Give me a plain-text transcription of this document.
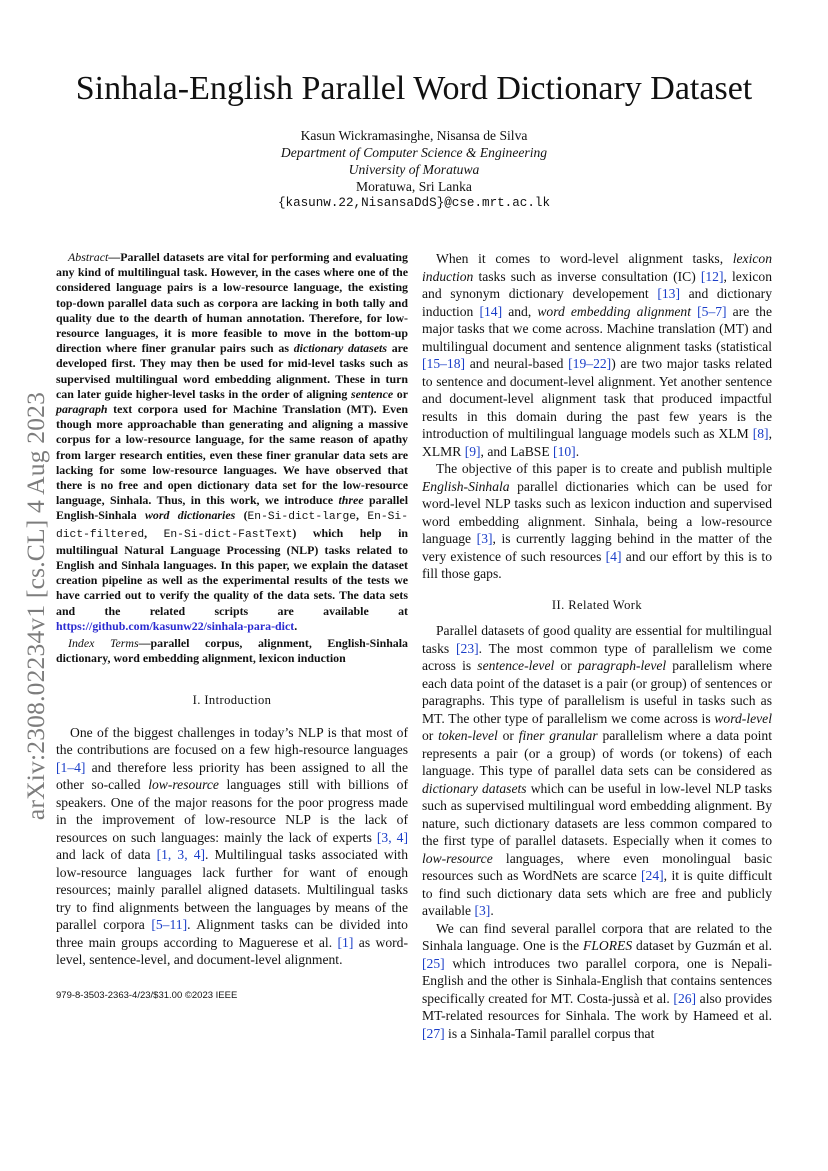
arXiv:2308.02234v1 [cs.CL] 4 Aug 2023
Sinhala-English Parallel Word Dictionary Dataset
Kasun Wickramasinghe, Nisansa de Silva
Department of Computer Science & Engineering
University of Moratuwa
Moratuwa, Sri Lanka
{kasunw.22,NisansaDdS}@cse.mrt.ac.lk

Abstract—Parallel datasets are vital for performing and evaluating any kind of multilingual task. However, in the cases where one of the considered language pairs is a low-resource language, the existing top-down parallel data such as corpora are lacking in both tally and quality due to the dearth of human annotation. Therefore, for low-resource languages, it is more feasible to move in the bottom-up direction where finer granular pairs such as dictionary datasets are developed first. They may then be used for mid-level tasks such as supervised multilingual word embedding alignment. These in turn can later guide higher-level tasks in the order of aligning sentence or paragraph text corpora used for Machine Translation (MT). Even though more approachable than generating and aligning a massive corpus for a low-resource language, for the same reason of apathy from larger research entities, even these finer granular data sets are lacking for some low-resource languages. We have observed that there is no free and open dictionary data set for the low-resource language, Sinhala. Thus, in this work, we introduce three parallel English-Sinhala word dictionaries (En-Si-dict-large, En-Si-dict-filtered, En-Si-dict-FastText) which help in multilingual Natural Language Processing (NLP) tasks related to English and Sinhala languages. In this paper, we explain the dataset creation pipeline as well as the experimental results of the tests we have carried out to verify the quality of the data sets. The data sets and the related scripts are available at https://github.com/kasunw22/sinhala-para-dict.

Index Terms—parallel corpus, alignment, English-Sinhala dictionary, word embedding alignment, lexicon induction

I. Introduction

One of the biggest challenges in today’s NLP is that most of the contributions are focused on a few high-resource languages [1–4] and therefore less priority has been assigned to all the other so-called low-resource languages still with billions of speakers. One of the major reasons for the poor progress made in the improvement of low-resource NLP is the lack of resources on such languages: mainly the lack of experts [3, 4] and lack of data [1, 3, 4]. Multilingual tasks associated with low-resource languages lack further for want of enough resources; mainly parallel aligned datasets. Multilingual tasks try to find alignments between the languages by means of the parallel corpora [5–11]. Alignment tasks can be divided into three main groups according to Maguerese et al. [1] as word-level, sentence-level, and document-level alignment.

When it comes to word-level alignment tasks, lexicon induction tasks such as inverse consultation (IC) [12], lexicon and synonym dictionary developement [13] and dictionary induction [14] and, word embedding alignment [5–7] are the major tasks that we come across. Machine translation (MT) and multilingual document and sentence alignment tasks (statistical [15–18] and neural-based [19–22]) are two major tasks related to sentence and document-level alignment. Yet another sentence and document-level alignment task that produced impactful results in this domain during the past few years is the introduction of multilingual language models such as XLM [8], XLMR [9], and LaBSE [10].

The objective of this paper is to create and publish multiple English-Sinhala parallel dictionaries which can be used for word-level NLP tasks such as lexicon induction and supervised word embedding alignment. Sinhala, being a low-resource language [3], is currently lagging behind in the matter of the very existence of such resources [4] and our effort by this is to fill those gaps.

II. Related Work

Parallel datasets of good quality are essential for multilingual tasks [23]. The most common type of parallelism we come across is sentence-level or paragraph-level parallelism where each data point of the dataset is a pair (or group) of sentences or paragraphs. This type of parallelism is useful in tasks such as MT. The other type of parallelism we come across is word-level or token-level or finer granular parallelism where a data point represents a pair (or a group) of words (or tokens) of each language. This type of parallel data sets can be considered as dictionary datasets which can be useful in low-level NLP tasks such as supervised multilingual word embedding alignment. By nature, such dictionary datasets are less common compared to the first type of parallel datasets. Especially when it comes to low-resource languages, where even monolingual basic resources such as WordNets are scarce [24], it is quite difficult to find such dictionary data sets which are free and publicly available [3].

We can find several parallel corpora that are related to the Sinhala language. One is the FLORES dataset by Guzmán et al. [25] which introduces two parallel corpora, one is Nepali-English and the other is Sinhala-English that contains sentences specifically created for MT. Costa-jussà et al. [26] also provides MT-related resources for Sinhala. The work by Hameed et al. [27] is a Sinhala-Tamil parallel corpus that

979-8-3503-2363-4/23/$31.00 ©2023 IEEE
